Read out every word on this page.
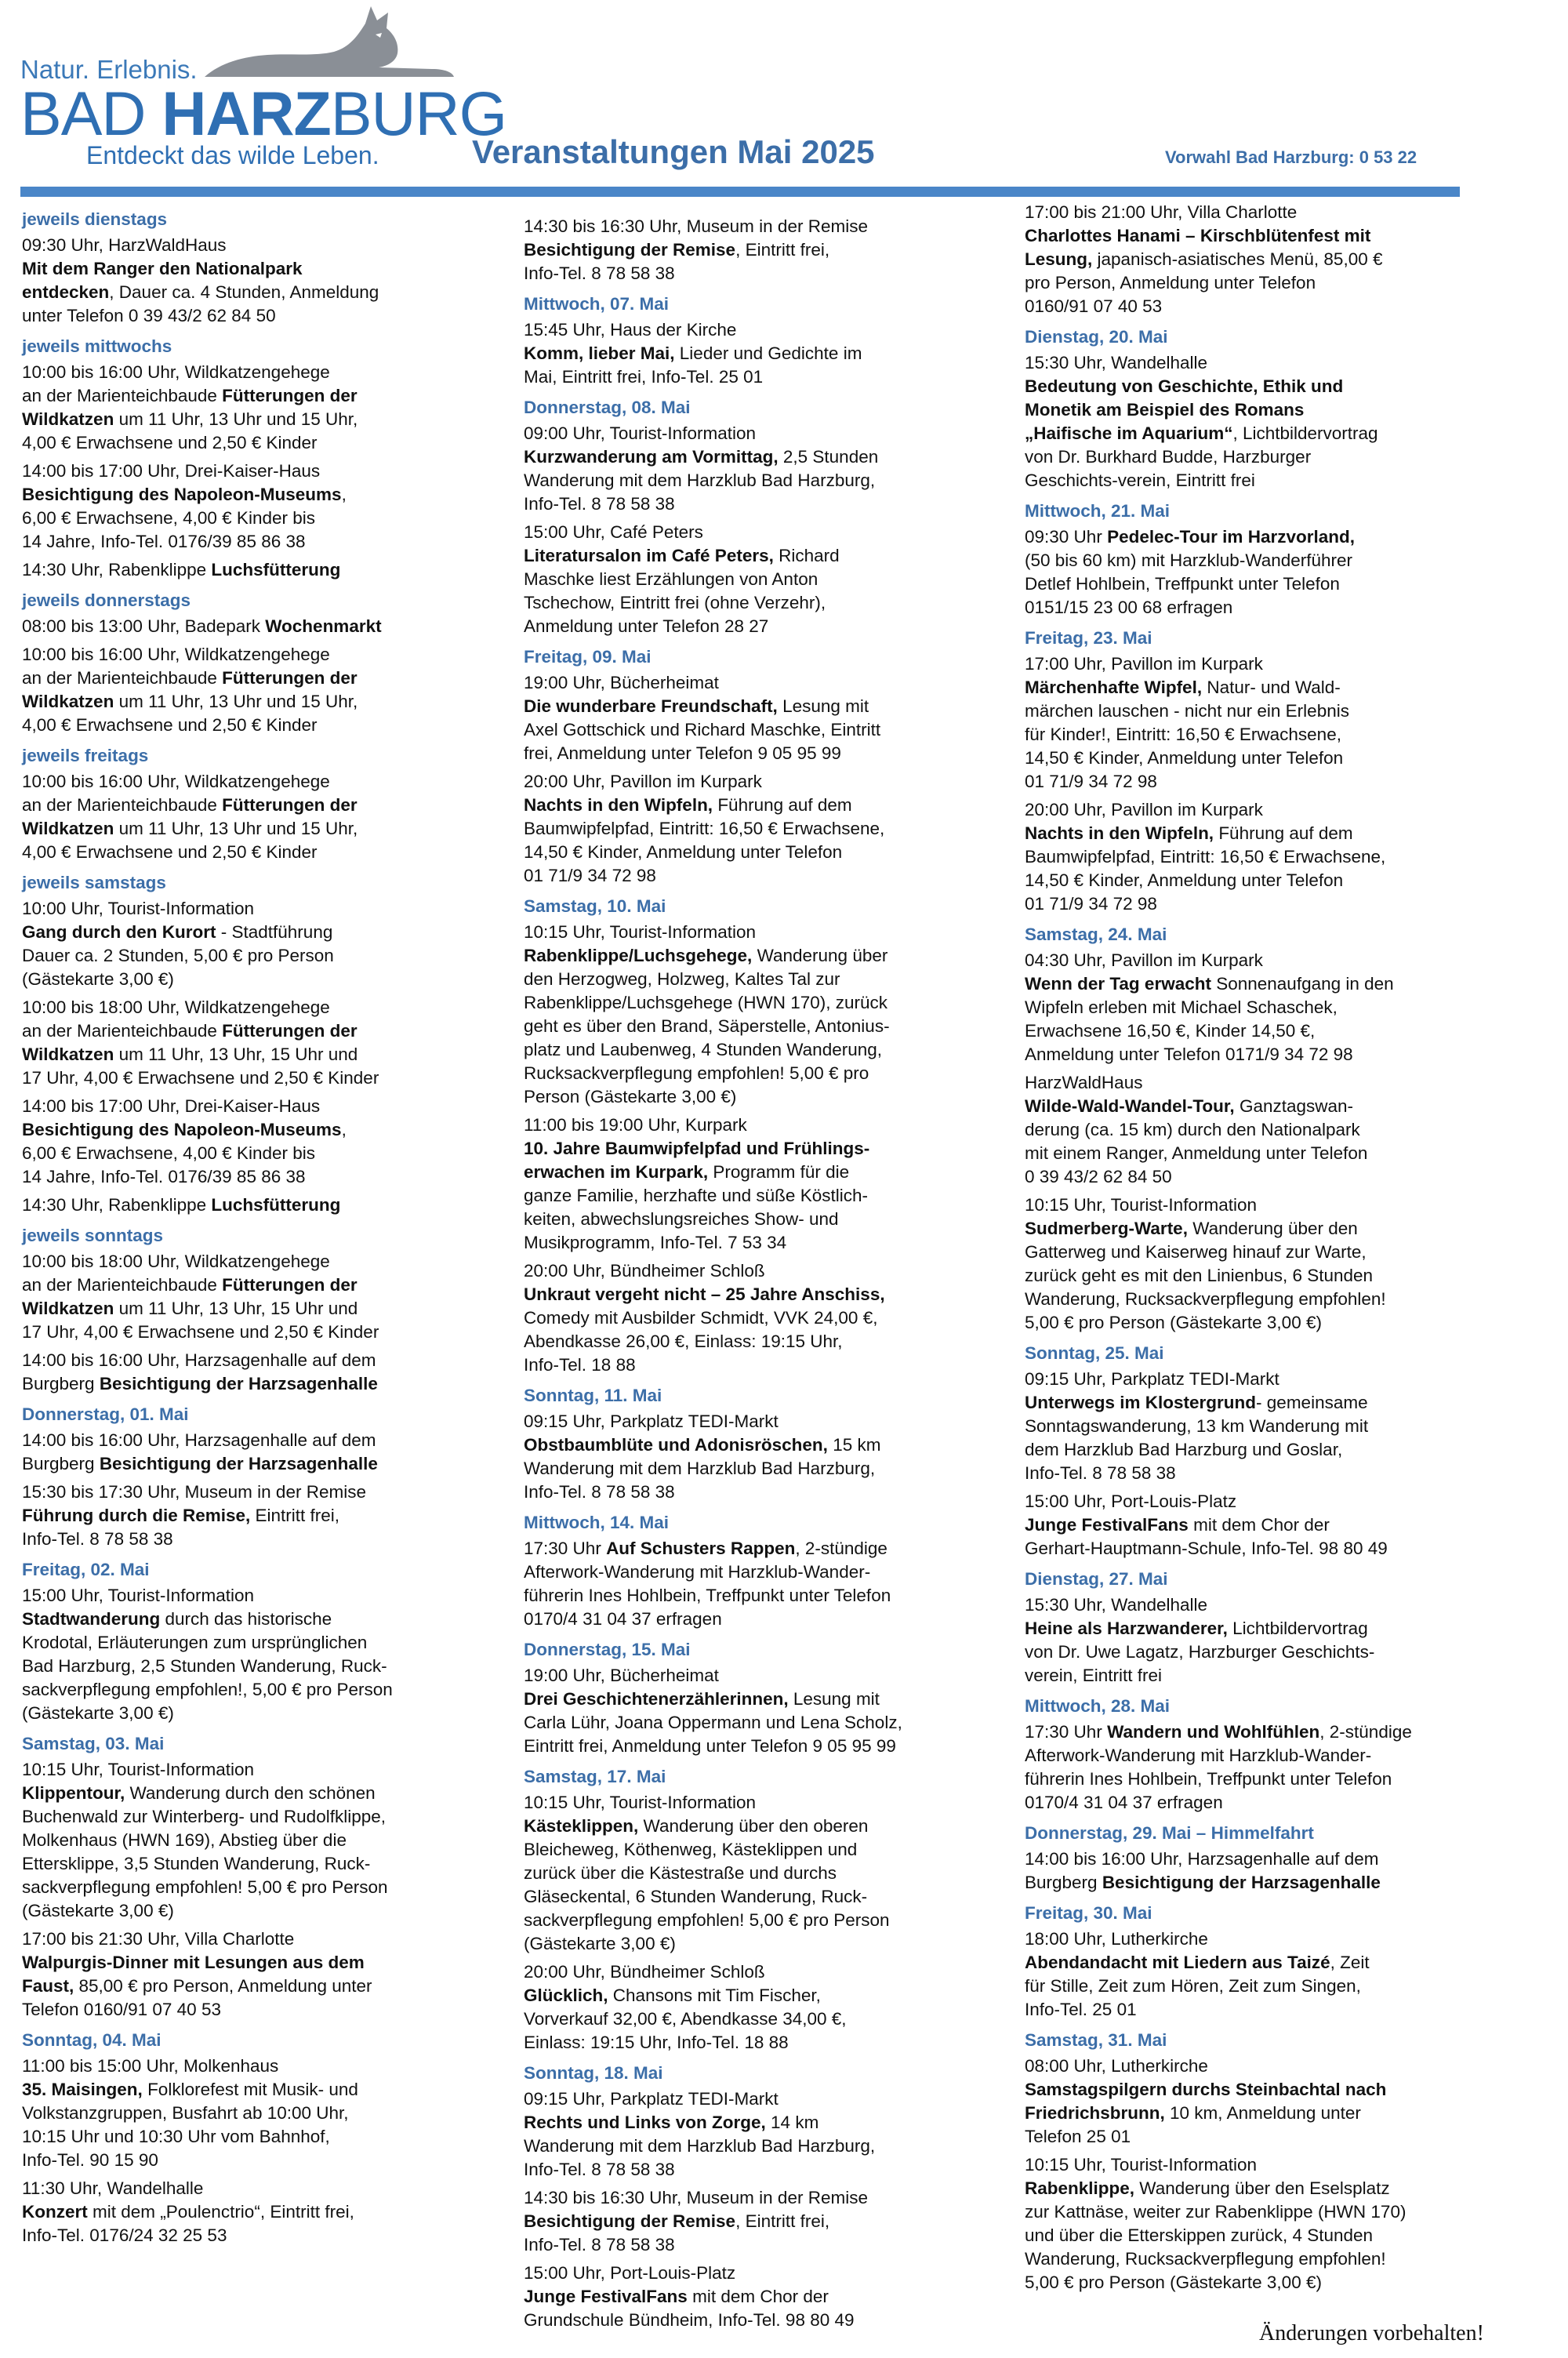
Natur. Erlebnis.
BAD HARZBURG
Entdeckt das wilde Leben.	Veranstaltungen Mai 2025	Vorwahl Bad Harzburg: 0 53 22
jeweils dienstags
09:30 Uhr, HarzWaldHaus
Mit dem Ranger den Nationalpark
entdecken, Dauer ca. 4 Stunden, Anmeldung
unter Telefon 0 39 43/2 62 84 50
jeweils mittwochs
10:00 bis 16:00 Uhr, Wildkatzengehege
an der Marienteichbaude Fütterungen der
Wildkatzen um 11 Uhr, 13 Uhr und 15 Uhr,
4,00 € Erwachsene und 2,50 € Kinder
14:00 bis 17:00 Uhr, Drei-Kaiser-Haus
Besichtigung des Napoleon-Museums,
6,00 € Erwachsene, 4,00 € Kinder bis
14 Jahre, Info-Tel. 0176/39 85 86 38
14:30 Uhr, Rabenklippe Luchsfütterung
jeweils donnerstags
08:00 bis 13:00 Uhr, Badepark Wochenmarkt
10:00 bis 16:00 Uhr, Wildkatzengehege
an der Marienteichbaude Fütterungen der
Wildkatzen um 11 Uhr, 13 Uhr und 15 Uhr,
4,00 € Erwachsene und 2,50 € Kinder
jeweils freitags
10:00 bis 16:00 Uhr, Wildkatzengehege
an der Marienteichbaude Fütterungen der
Wildkatzen um 11 Uhr, 13 Uhr und 15 Uhr,
4,00 € Erwachsene und 2,50 € Kinder
jeweils samstags
10:00 Uhr, Tourist-Information
Gang durch den Kurort - Stadtführung
Dauer ca. 2 Stunden, 5,00 € pro Person
(Gästekarte 3,00 €)
10:00 bis 18:00 Uhr, Wildkatzengehege
an der Marienteichbaude Fütterungen der
Wildkatzen um 11 Uhr, 13 Uhr, 15 Uhr und
17 Uhr, 4,00 € Erwachsene und 2,50 € Kinder
14:00 bis 17:00 Uhr, Drei-Kaiser-Haus
Besichtigung des Napoleon-Museums,
6,00 € Erwachsene, 4,00 € Kinder bis
14 Jahre, Info-Tel. 0176/39 85 86 38
14:30 Uhr, Rabenklippe Luchsfütterung
jeweils sonntags
10:00 bis 18:00 Uhr, Wildkatzengehege
an der Marienteichbaude Fütterungen der
Wildkatzen um 11 Uhr, 13 Uhr, 15 Uhr und
17 Uhr, 4,00 € Erwachsene und 2,50 € Kinder
14:00 bis 16:00 Uhr, Harzsagenhalle auf dem
Burgberg Besichtigung der Harzsagenhalle
Donnerstag, 01. Mai
14:00 bis 16:00 Uhr, Harzsagenhalle auf dem
Burgberg Besichtigung der Harzsagenhalle
15:30 bis 17:30 Uhr, Museum in der Remise
Führung durch die Remise, Eintritt frei,
Info-Tel. 8 78 58 38
Freitag, 02. Mai
15:00 Uhr, Tourist-Information
Stadtwanderung durch das historische
Krodotal, Erläuterungen zum ursprünglichen
Bad Harzburg, 2,5 Stunden Wanderung, Ruck-
sackverpflegung empfohlen!, 5,00 € pro Person
(Gästekarte 3,00 €)
Samstag, 03. Mai
10:15 Uhr, Tourist-Information
Klippentour, Wanderung durch den schönen
Buchenwald zur Winterberg- und Rudolfklippe,
Molkenhaus (HWN 169), Abstieg über die
Ettersklippe, 3,5 Stunden Wanderung, Ruck-
sackverpflegung empfohlen! 5,00 € pro Person
(Gästekarte 3,00 €)
17:00 bis 21:30 Uhr, Villa Charlotte
Walpurgis-Dinner mit Lesungen aus dem
Faust, 85,00 € pro Person, Anmeldung unter
Telefon 0160/91 07 40 53
Sonntag, 04. Mai
11:00 bis 15:00 Uhr, Molkenhaus
35. Maisingen, Folklorefest mit Musik- und
Volkstanzgruppen, Busfahrt ab 10:00 Uhr,
10:15 Uhr und 10:30 Uhr vom Bahnhof,
Info-Tel. 90 15 90
11:30 Uhr, Wandelhalle
Konzert mit dem „Poulenctrio“, Eintritt frei,
Info-Tel. 0176/24 32 25 53
14:30 bis 16:30 Uhr, Museum in der Remise
Besichtigung der Remise, Eintritt frei,
Info-Tel. 8 78 58 38
Mittwoch, 07. Mai
15:45 Uhr, Haus der Kirche
Komm, lieber Mai, Lieder und Gedichte im
Mai, Eintritt frei, Info-Tel. 25 01
Donnerstag, 08. Mai
09:00 Uhr, Tourist-Information
Kurzwanderung am Vormittag, 2,5 Stunden
Wanderung mit dem Harzklub Bad Harzburg,
Info-Tel. 8 78 58 38
15:00 Uhr, Café Peters
Literatursalon im Café Peters, Richard
Maschke liest Erzählungen von Anton
Tschechow, Eintritt frei (ohne Verzehr),
Anmeldung unter Telefon 28 27
Freitag, 09. Mai
19:00 Uhr, Bücherheimat
Die wunderbare Freundschaft, Lesung mit
Axel Gottschick und Richard Maschke, Eintritt
frei, Anmeldung unter Telefon 9 05 95 99
20:00 Uhr, Pavillon im Kurpark
Nachts in den Wipfeln, Führung auf dem
Baumwipfelpfad, Eintritt: 16,50 € Erwachsene,
14,50 € Kinder, Anmeldung unter Telefon
01 71/9 34 72 98
Samstag, 10. Mai
10:15 Uhr, Tourist-Information
Rabenklippe/Luchsgehege, Wanderung über
den Herzogweg, Holzweg, Kaltes Tal zur
Rabenklippe/Luchsgehege (HWN 170), zurück
geht es über den Brand, Säperstelle, Antonius-
platz und Laubenweg, 4 Stunden Wanderung,
Rucksackverpflegung empfohlen! 5,00 € pro
Person (Gästekarte 3,00 €)
11:00 bis 19:00 Uhr, Kurpark
10. Jahre Baumwipfelpfad und Frühlings-
erwachen im Kurpark, Programm für die
ganze Familie, herzhafte und süße Köstlich-
keiten, abwechslungsreiches Show- und
Musikprogramm, Info-Tel. 7 53 34
20:00 Uhr, Bündheimer Schloß
Unkraut vergeht nicht – 25 Jahre Anschiss,
Comedy mit Ausbilder Schmidt, VVK 24,00 €,
Abendkasse 26,00 €, Einlass: 19:15 Uhr,
Info-Tel. 18 88
Sonntag, 11. Mai
09:15 Uhr, Parkplatz TEDI-Markt
Obstbaumblüte und Adonisröschen, 15 km
Wanderung mit dem Harzklub Bad Harzburg,
Info-Tel. 8 78 58 38
Mittwoch, 14. Mai
17:30 Uhr Auf Schusters Rappen, 2-stündige
Afterwork-Wanderung mit Harzklub-Wander-
führerin Ines Hohlbein, Treffpunkt unter Telefon
0170/4 31 04 37 erfragen
Donnerstag, 15. Mai
19:00 Uhr, Bücherheimat
Drei Geschichtenerzählerinnen, Lesung mit
Carla Lühr, Joana Oppermann und Lena Scholz,
Eintritt frei, Anmeldung unter Telefon 9 05 95 99
Samstag, 17. Mai
10:15 Uhr, Tourist-Information
Kästeklippen, Wanderung über den oberen
Bleicheweg, Köthenweg, Kästeklippen und
zurück über die Kästestraße und durchs
Gläseckental, 6 Stunden Wanderung, Ruck-
sackverpflegung empfohlen! 5,00 € pro Person
(Gästekarte 3,00 €)
20:00 Uhr, Bündheimer Schloß
Glücklich, Chansons mit Tim Fischer,
Vorverkauf 32,00 €, Abendkasse 34,00 €,
Einlass: 19:15 Uhr, Info-Tel. 18 88
Sonntag, 18. Mai
09:15 Uhr, Parkplatz TEDI-Markt
Rechts und Links von Zorge, 14 km
Wanderung mit dem Harzklub Bad Harzburg,
Info-Tel. 8 78 58 38
14:30 bis 16:30 Uhr, Museum in der Remise
Besichtigung der Remise, Eintritt frei,
Info-Tel. 8 78 58 38
15:00 Uhr, Port-Louis-Platz
Junge FestivalFans mit dem Chor der
Grundschule Bündheim, Info-Tel. 98 80 49
17:00 bis 21:00 Uhr, Villa Charlotte
Charlottes Hanami – Kirschblütenfest mit
Lesung, japanisch-asiatisches Menü, 85,00 €
pro Person, Anmeldung unter Telefon
0160/91 07 40 53
Dienstag, 20. Mai
15:30 Uhr, Wandelhalle
Bedeutung von Geschichte, Ethik und
Monetik am Beispiel des Romans
„Haifische im Aquarium“, Lichtbildervortrag
von Dr. Burkhard Budde, Harzburger
Geschichts-verein, Eintritt frei
Mittwoch, 21. Mai
09:30 Uhr Pedelec-Tour im Harzvorland,
(50 bis 60 km) mit Harzklub-Wanderführer
Detlef Hohlbein, Treffpunkt unter Telefon
0151/15 23 00 68 erfragen
Freitag, 23. Mai
17:00 Uhr, Pavillon im Kurpark
Märchenhafte Wipfel, Natur- und Wald-
märchen lauschen - nicht nur ein Erlebnis
für Kinder!, Eintritt: 16,50 € Erwachsene,
14,50 € Kinder, Anmeldung unter Telefon
01 71/9 34 72 98
20:00 Uhr, Pavillon im Kurpark
Nachts in den Wipfeln, Führung auf dem
Baumwipfelpfad, Eintritt: 16,50 € Erwachsene,
14,50 € Kinder, Anmeldung unter Telefon
01 71/9 34 72 98
Samstag, 24. Mai
04:30 Uhr, Pavillon im Kurpark
Wenn der Tag erwacht Sonnenaufgang in den
Wipfeln erleben mit Michael Schaschek,
Erwachsene 16,50 €, Kinder 14,50 €,
Anmeldung unter Telefon 0171/9 34 72 98
HarzWaldHaus
Wilde-Wald-Wandel-Tour, Ganztagswan-
derung (ca. 15 km) durch den Nationalpark
mit einem Ranger, Anmeldung unter Telefon
0 39 43/2 62 84 50
10:15 Uhr, Tourist-Information
Sudmerberg-Warte, Wanderung über den
Gatterweg und Kaiserweg hinauf zur Warte,
zurück geht es mit den Linienbus, 6 Stunden
Wanderung, Rucksackverpflegung empfohlen!
5,00 € pro Person (Gästekarte 3,00 €)
Sonntag, 25. Mai
09:15 Uhr, Parkplatz TEDI-Markt
Unterwegs im Klostergrund- gemeinsame
Sonntagswanderung, 13 km Wanderung mit
dem Harzklub Bad Harzburg und Goslar,
Info-Tel. 8 78 58 38
15:00 Uhr, Port-Louis-Platz
Junge FestivalFans mit dem Chor der
Gerhart-Hauptmann-Schule, Info-Tel. 98 80 49
Dienstag, 27. Mai
15:30 Uhr, Wandelhalle
Heine als Harzwanderer, Lichtbildervortrag
von Dr. Uwe Lagatz, Harzburger Geschichts-
verein, Eintritt frei
Mittwoch, 28. Mai
17:30 Uhr Wandern und Wohlfühlen, 2-stündige
Afterwork-Wanderung mit Harzklub-Wander-
führerin Ines Hohlbein, Treffpunkt unter Telefon
0170/4 31 04 37 erfragen
Donnerstag, 29. Mai – Himmelfahrt
14:00 bis 16:00 Uhr, Harzsagenhalle auf dem
Burgberg Besichtigung der Harzsagenhalle
Freitag, 30. Mai
18:00 Uhr, Lutherkirche
Abendandacht mit Liedern aus Taizé, Zeit
für Stille, Zeit zum Hören, Zeit zum Singen,
Info-Tel. 25 01
Samstag, 31. Mai
08:00 Uhr, Lutherkirche
Samstagspilgern durchs Steinbachtal nach
Friedrichsbrunn, 10 km, Anmeldung unter
Telefon 25 01
10:15 Uhr, Tourist-Information
Rabenklippe, Wanderung über den Eselsplatz
zur Kattnäse, weiter zur Rabenklippe (HWN 170)
und über die Etterskippen zurück, 4 Stunden
Wanderung, Rucksackverpflegung empfohlen!
5,00 € pro Person (Gästekarte 3,00 €)
Änderungen vorbehalten!
